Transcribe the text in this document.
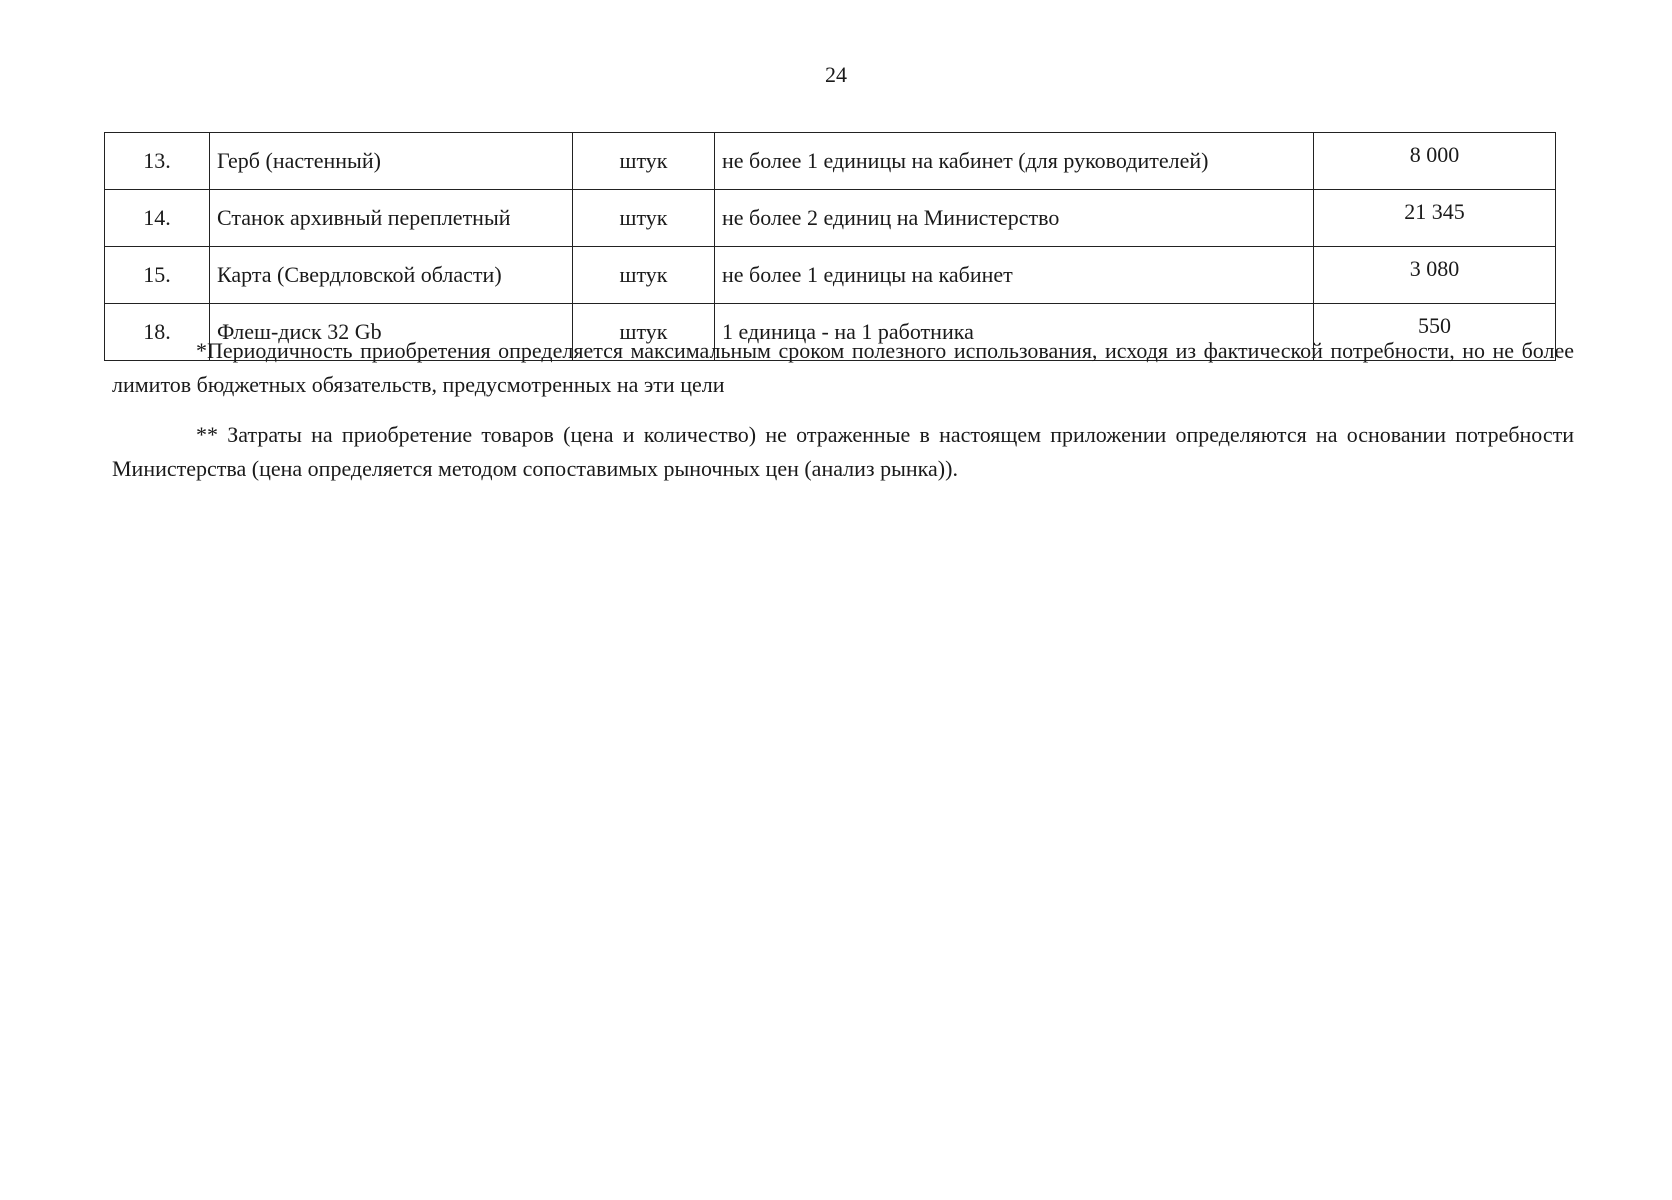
24
13.	Герб (настенный)	штук	не более 1 единицы на кабинет (для руководителей)	8 000
14.	Станок архивный переплетный	штук	не более 2 единиц на Министерство	21 345
15.	Карта (Свердловской области)	штук	не более 1 единицы на кабинет	3 080
18.	Флеш-диск 32 Gb	штук	1 единица - на 1 работника	550

*Периодичность приобретения определяется максимальным сроком полезного использования, исходя из фактической потребности, но не более лимитов бюджетных обязательств, предусмотренных на эти цели

** Затраты на приобретение товаров (цена и количество) не отраженные в настоящем приложении определяются на основании потребности Министерства (цена определяется методом сопоставимых рыночных цен (анализ рынка)).
